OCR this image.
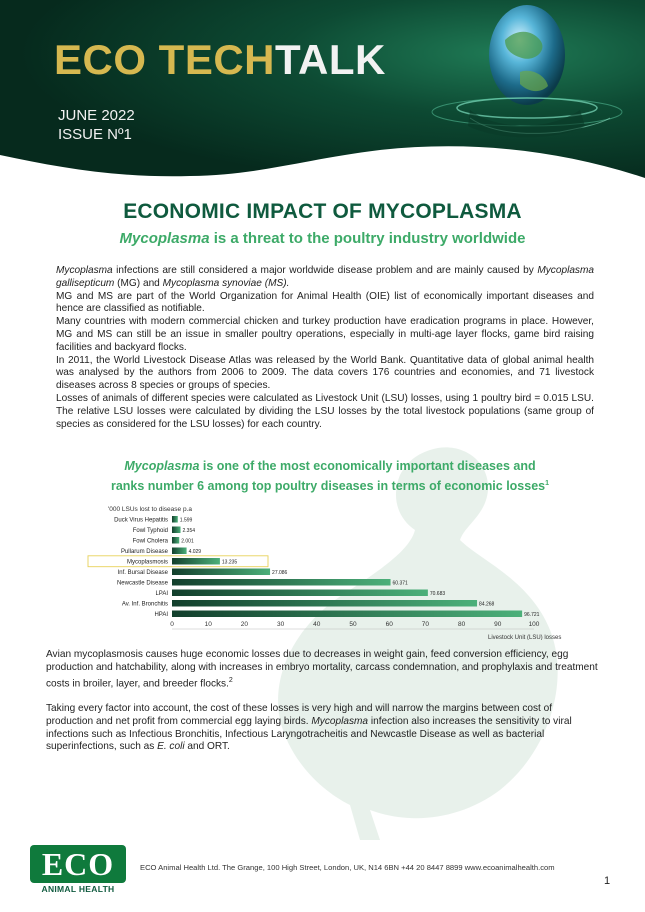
ECO TECHTALK
JUNE 2022
ISSUE Nº1
ECONOMIC IMPACT OF MYCOPLASMA
Mycoplasma is a threat to the poultry industry worldwide

Mycoplasma infections are still considered a major worldwide disease problem and are mainly caused by Mycoplasma gallisepticum (MG) and Mycoplasma synoviae (MS).

MG and MS are part of the World Organization for Animal Health (OIE) list of economically important diseases and hence are classified as notifiable.

Many countries with modern commercial chicken and turkey production have eradication programs in place. However, MG and MS can still be an issue in smaller poultry operations, especially in multi-age layer flocks, game bird raising facilities and backyard flocks.

In 2011, the World Livestock Disease Atlas was released by the World Bank. Quantitative data of global animal health was analysed by the authors from 2006 to 2009. The data covers 176 countries and economies, and 71 livestock diseases across 8 species or groups of species.

Losses of animals of different species were calculated as Livestock Unit (LSU) losses, using 1 poultry bird = 0.015 LSU. The relative LSU losses were calculated by dividing the LSU losses by the total livestock populations (same group of species as considered for the LSU losses) for each country.

Mycoplasma is one of the most economically important diseases and
ranks number 6 among top poultry diseases in terms of economic losses$^1$
'000 LSUs lost to disease p.a
Duck Virus Hepatitis 1.599
Fowl Typhoid	2.354
Fowl Cholera	2.001
Pullarum Disease	4.029
Mycoplasmosis	13.235
Inf. Bursal Disease	27.086
Newcastle Disease	60.371
LPAI	70.683
Av. Inf. Bronchitis	84.268
HPAI	96.721
0	10	20	30	40	50	60	70	80	90	100
Livestock Unit (LSU) losses

Avian mycoplasmosis causes huge economic losses due to decreases in weight gain, feed conversion efficiency, egg production and hatchability, along with increases in embryo mortality, carcass condemnation, and prophylaxis and treatment costs in broiler, layer, and breeder flocks.$^2$

Taking every factor into account, the cost of these losses is very high and will narrow the margins between cost of production and net profit from commercial egg laying birds. Mycoplasma infection also increases the sensitivity to viral infections such as Infectious Bronchitis, Infectious Laryngotracheitis and Newcastle Disease as well as bacterial superinfections, such as E. coli and ORT.

ECO
ANIMAL HEALTH
ECO Animal Health Ltd. The Grange, 100 High Street, London, UK, N14 6BN +44 20 8447 8899 www.ecoanimalhealth.com
1
